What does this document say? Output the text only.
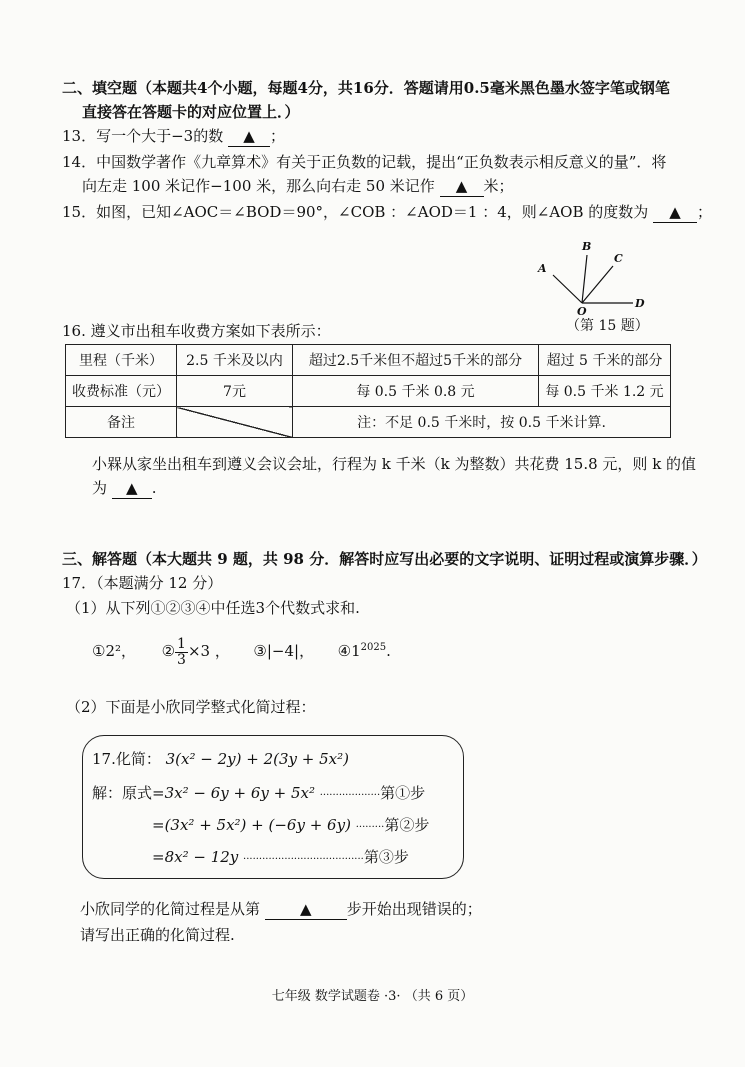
二、填空题（本题共4个小题，每题4分，共16分．答题请用0.5毫米黑色墨水签字笔或钢笔
直接答在答题卡的对应位置上．）
13．写一个大于−3的数 ▲ ；
14．中国数学著作《九章算术》有关于正负数的记载，提出“正负数表示相反意义的量”．将
向左走 100 米记作−100 米，那么向右走 50 米记作 ▲ 米；
15．如图，已知∠AOC＝∠BOD＝90°，∠COB ：∠AOD＝1 ：4，则∠AOB 的度数为 ▲ ；
A
B
C
O
D
（第 15 题）
16. 遵义市出租车收费方案如下表所示：
里程（千米）	2.5 千米及以内	超过2.5千米但不超过5千米的部分	超过 5 千米的部分
收费标准（元）	7元	每 0.5 千米 0.8 元	每 0.5 千米 1.2 元
备注		注：不足 0.5 千米时，按 0.5 千米计算.	
小槑从家坐出租车到遵义会议会址，行程为 k 千米（k 为整数）共花费 15.8 元，则 k 的值
为 ▲ .
三、解答题（本大题共 9 题，共 98 分．解答时应写出必要的文字说明、证明过程或演算步骤．）
17．（本题满分 12 分）
（1）从下列①②③④中任选3个代数式求和.
①2²， ② $\frac{1}{3} \times 3$ ， ③|−4|， $④1^{2025}$.
（2）下面是小欣同学整式化简过程：
17.化简： 3(x² − 2y) + 2(3y + 5x²)
解：原式=3x² − 6y + 6y + 5x² ···················第①步
=(3x² + 5x²) + (−6y + 6y) ·········第②步
=8x² − 12y ······································第③步
小欣同学的化简过程是从第	▲ 步开始出现错误的；
请写出正确的化简过程.
七年级 数学试题卷 ·3· （共 6 页）
